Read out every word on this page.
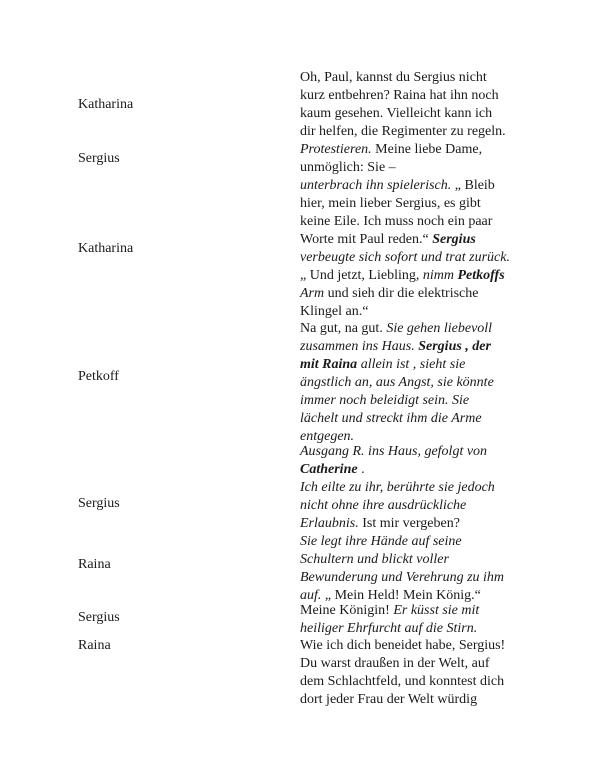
Katharina
Oh, Paul, kannst du Sergius nicht
kurz entbehren? Raina hat ihn noch
kaum gesehen. Vielleicht kann ich
dir helfen, die Regimenter zu regeln.
Sergius
Protestieren. Meine liebe Dame,
unmöglich: Sie –
Katharina
unterbrach ihn spielerisch. „ Bleib
hier, mein lieber Sergius, es gibt
keine Eile. Ich muss noch ein paar
Worte mit Paul reden.“ Sergius
verbeugte sich sofort und trat zurück.
„ Und jetzt, Liebling, nimm Petkoffs
Arm und sieh dir die elektrische
Klingel an.“
Petkoff
Na gut, na gut. Sie gehen liebevoll
zusammen ins Haus. Sergius , der
mit Raina allein ist , sieht sie
ängstlich an, aus Angst, sie könnte
immer noch beleidigt sein. Sie
lächelt und streckt ihm die Arme
entgegen.
Ausgang R. ins Haus, gefolgt von
Catherine .
Sergius
Ich eilte zu ihr, berührte sie jedoch
nicht ohne ihre ausdrückliche
Erlaubnis. Ist mir vergeben?
Raina
Sie legt ihre Hände auf seine
Schultern und blickt voller
Bewunderung und Verehrung zu ihm
auf. „ Mein Held! Mein König.“
Sergius	Meine Königin! Er küsst sie mit
heiliger Ehrfurcht auf die Stirn.
Raina	Wie ich dich beneidet habe, Sergius!
Du warst draußen in der Welt, auf
dem Schlachtfeld, und konntest dich
dort jeder Frau der Welt würdig
